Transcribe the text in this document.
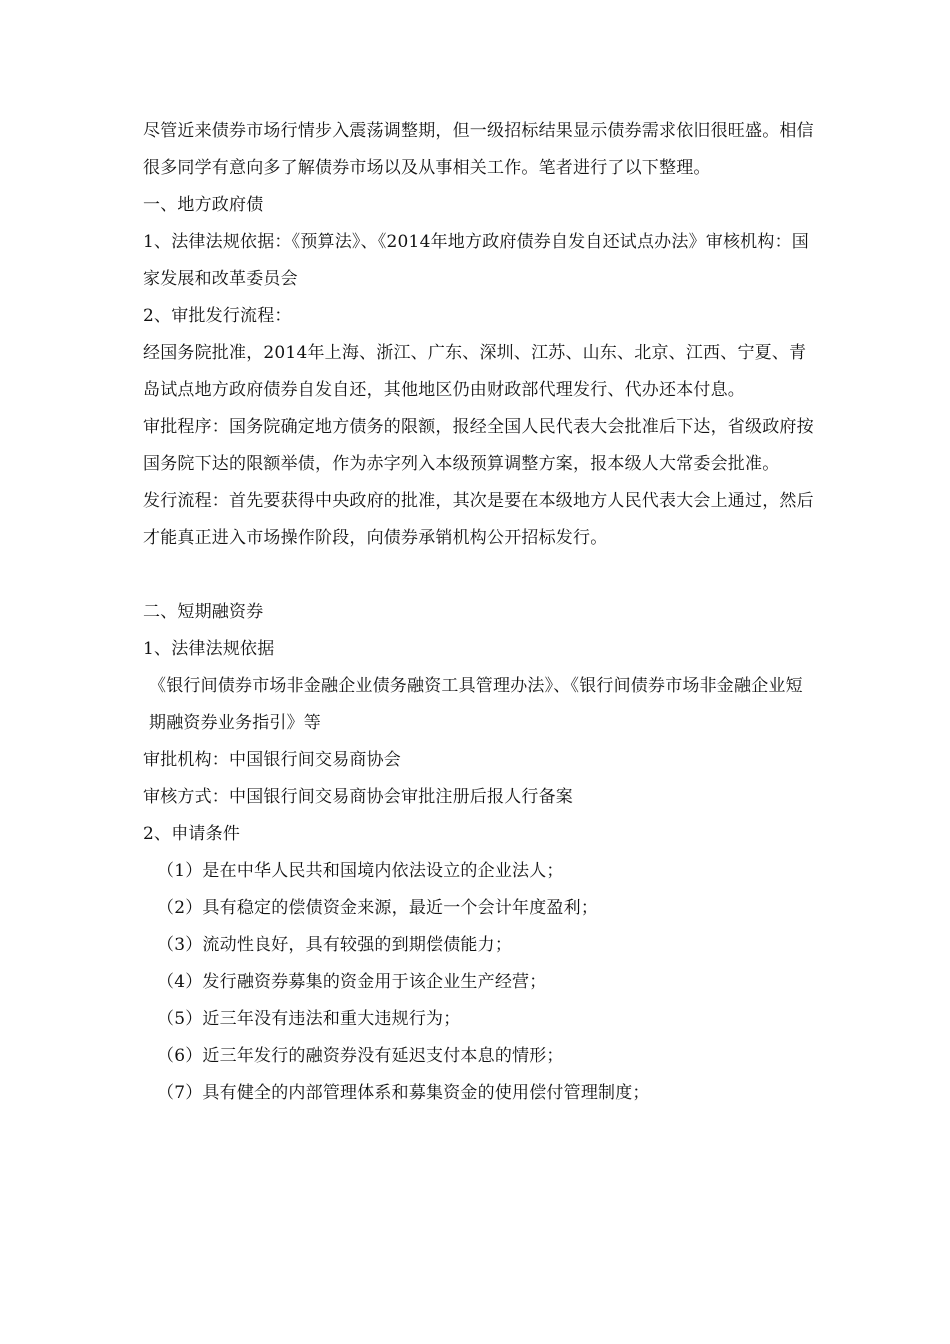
尽管近来债券市场行情步入震荡调整期，但一级招标结果显示债券需求依旧很旺盛。相信很多同学有意向多了解债券市场以及从事相关工作。笔者进行了以下整理。

一、地方政府债

1、法律法规依据：《预算法》、《2014年地方政府债券自发自还试点办法》审核机构：国家发展和改革委员会

2、审批发行流程：

经国务院批准，2014年上海、浙江、广东、深圳、江苏、山东、北京、江西、宁夏、青岛试点地方政府债券自发自还，其他地区仍由财政部代理发行、代办还本付息。

审批程序：国务院确定地方债务的限额，报经全国人民代表大会批准后下达，省级政府按国务院下达的限额举债，作为赤字列入本级预算调整方案，报本级人大常委会批准。

发行流程：首先要获得中央政府的批准，其次是要在本级地方人民代表大会上通过，然后才能真正进入市场操作阶段，向债券承销机构公开招标发行。

二、短期融资券

1、法律法规依据

《银行间债券市场非金融企业债务融资工具管理办法》、《银行间债券市场非金融企业短期融资券业务指引》等

审批机构：中国银行间交易商协会

审核方式：中国银行间交易商协会审批注册后报人行备案

2、申请条件

（1）是在中华人民共和国境内依法设立的企业法人；

（2）具有稳定的偿债资金来源，最近一个会计年度盈利；

（3）流动性良好，具有较强的到期偿债能力；

（4）发行融资券募集的资金用于该企业生产经营；

（5）近三年没有违法和重大违规行为；

（6）近三年发行的融资券没有延迟支付本息的情形；

（7）具有健全的内部管理体系和募集资金的使用偿付管理制度；
